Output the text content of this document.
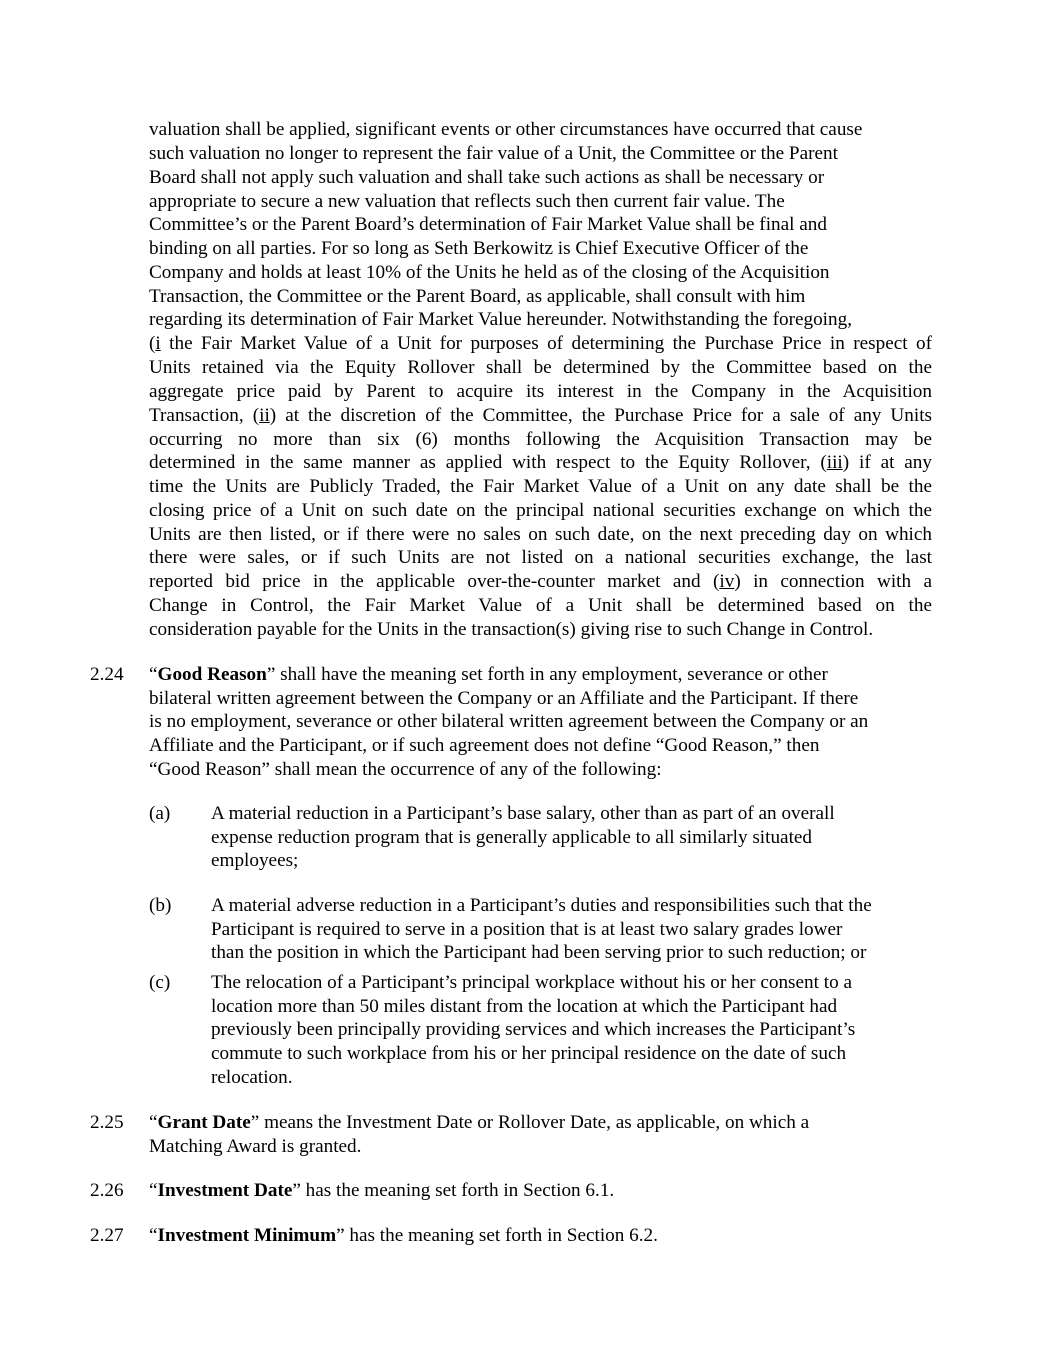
valuation shall be applied, significant events or other circumstances have occurred that cause
such valuation no longer to represent the fair value of a Unit, the Committee or the Parent
Board shall not apply such valuation and shall take such actions as shall be necessary or
appropriate to secure a new valuation that reflects such then current fair value. The
Committee’s or the Parent Board’s determination of Fair Market Value shall be final and
binding on all parties. For so long as Seth Berkowitz is Chief Executive Officer of the
Company and holds at least 10% of the Units he held as of the closing of the Acquisition
Transaction, the Committee or the Parent Board, as applicable, shall consult with him
regarding its determination of Fair Market Value hereunder. Notwithstanding the foregoing,
(i the Fair Market Value of a Unit for purposes of determining the Purchase Price in respect of
Units retained via the Equity Rollover shall be determined by the Committee based on the
aggregate price paid by Parent to acquire its interest in the Company in the Acquisition
Transaction, (ii) at the discretion of the Committee, the Purchase Price for a sale of any Units
occurring no more than six (6) months following the Acquisition Transaction may be
determined in the same manner as applied with respect to the Equity Rollover, (iii) if at any
time the Units are Publicly Traded, the Fair Market Value of a Unit on any date shall be the
closing price of a Unit on such date on the principal national securities exchange on which the
Units are then listed, or if there were no sales on such date, on the next preceding day on which
there were sales, or if such Units are not listed on a national securities exchange, the last
reported bid price in the applicable over-the-counter market and (iv) in connection with a
Change in Control, the Fair Market Value of a Unit shall be determined based on the
consideration payable for the Units in the transaction(s) giving rise to such Change in Control.
2.24 “Good Reason” shall have the meaning set forth in any employment, severance or other
bilateral written agreement between the Company or an Affiliate and the Participant. If there
is no employment, severance or other bilateral written agreement between the Company or an
Affiliate and the Participant, or if such agreement does not define “Good Reason,” then
“Good Reason” shall mean the occurrence of any of the following:
(a) A material reduction in a Participant’s base salary, other than as part of an overall
expense reduction program that is generally applicable to all similarly situated
employees;
(b) A material adverse reduction in a Participant’s duties and responsibilities such that the
Participant is required to serve in a position that is at least two salary grades lower
than the position in which the Participant had been serving prior to such reduction; or
(c) The relocation of a Participant’s principal workplace without his or her consent to a
location more than 50 miles distant from the location at which the Participant had
previously been principally providing services and which increases the Participant’s
commute to such workplace from his or her principal residence on the date of such
relocation.
2.25 “Grant Date” means the Investment Date or Rollover Date, as applicable, on which a
Matching Award is granted.
2.26 “Investment Date” has the meaning set forth in Section 6.1.
2.27 “Investment Minimum” has the meaning set forth in Section 6.2.
